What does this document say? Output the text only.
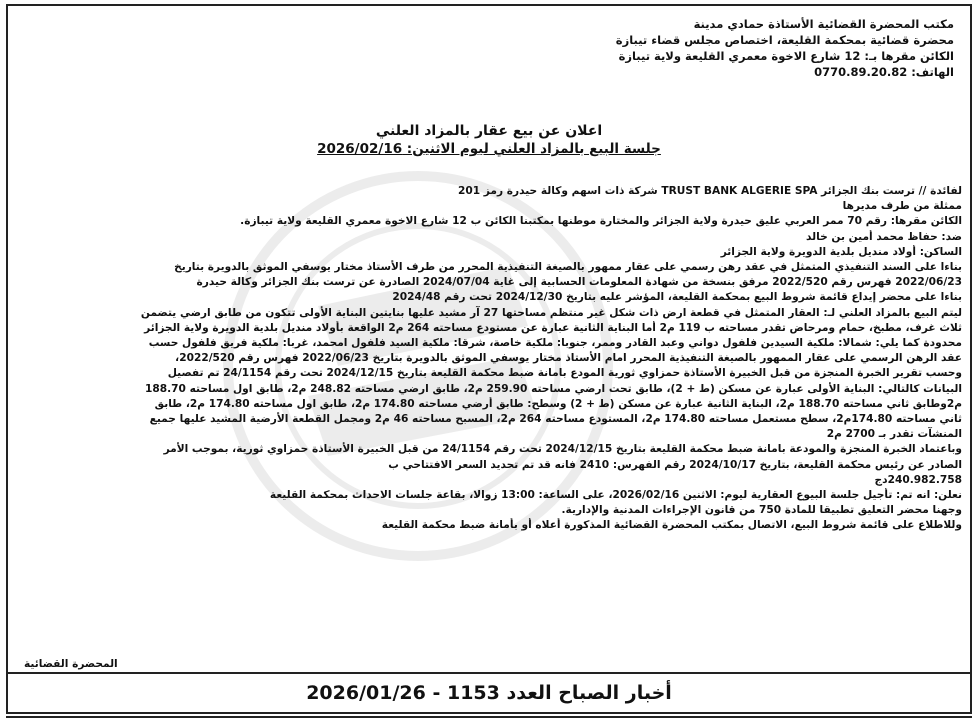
مكتب المحضرة القضائية الأستاذة حمادي مدينة
محضرة قضائية بمحكمة القليعة، اختصاص مجلس قضاء تيبازة
الكائن مقرها بـ: 12 شارع الاخوة معمري القليعة ولاية تيبازة
الهاتف: 0770.89.20.82
اعلان عن بيع عقار بالمزاد العلني
جلسة البيع بالمزاد العلني ليوم الاثنين: 2026/02/16
لفائدة // ترست بنك الجزائر TRUST BANK ALGERIE SPA شركة ذات اسهم وكالة حيدرة رمز 201
ممثلة من طرف مديرها
الكائن مقرها: رقم 70 ممر العربي عليق حيدرة ولاية الجزائر والمختارة موطنها بمكتبنا الكائن ب 12 شارع الاخوة معمري القليعة ولاية تيبازة.
ضد: حفاظ محمد أمين بن خالد
الساكن: أولاد منديل بلدية الدويرة ولاية الجزائر
بناءا على السند التنفيذي المتمثل في عقد رهن رسمي على عقار ممهور بالصيغة التنفيذية المحرر من طرف الأستاذ مختار يوسفي الموثق بالدويرة بتاريخ
2022/06/23 فهرس رقم 2022/520 مرفق بنسخة من شهادة المعلومات الحسابية إلى غاية 2024/07/04 الصادرة عن ترست بنك الجزائر وكالة حيدرة
بناءا على محضر إيداع قائمة شروط البيع بمحكمة القليعة، المؤشر عليه بتاريخ 2024/12/30 تحت رقم 2024/48
ليتم البيع بالمزاد العلني لـ: العقار المتمثل في قطعة ارض ذات شكل غير منتظم مساحتها 27 آر مشيد عليها بنايتين البناية الأولى تتكون من طابق ارضي يتضمن
ثلاث غرف، مطبخ، حمام ومرحاض تقدر مساحته ب 119 م2 أما البناية الثانية عبارة عن مستودع مساحته 264 م2 الواقعة بأولاد منديل بلدية الدويرة ولاية الجزائر
محدودة كما يلي: شمالا: ملكية السيدين فلفول دواني وعبد القادر وممر، جنوبا: ملكية خاصة، شرقا: ملكية السيد فلفول امحمد، غربا: ملكية فريق فلفول حسب
عقد الرهن الرسمي على عقار الممهور بالصيغة التنفيذية المحرر امام الأستاذ مختار يوسفي الموثق بالدويرة بتاريخ 2022/06/23 فهرس رقم 2022/520،
وحسب تقرير الخبرة المنجزة من قبل الخبيرة الأستاذة حمزاوي ثورية المودع بامانة ضبط محكمة القليعة بتاريخ 2024/12/15 تحت رقم 24/1154 تم تفصيل
البيانات كالتالي: البناية الأولى عبارة عن مسكن (ط + 2)، طابق تحت ارضي مساحته 259.90 م2، طابق ارضي مساحته 248.82 م2، طابق اول مساحته 188.70
م2وطابق ثاني مساحته 188.70 م2، البناية الثانية عبارة عن مسكن (ط + 2) وسطح: طابق أرضي مساحته 174.80 م2، طابق اول مساحته 174.80 م2، طابق
ثاني مساحته 174.80م2، سطح مستعمل مساحته 174.80 م2، المستودع مساحته 264 م2، المسبح مساحته 46 م2 ومجمل القطعة الأرضية المشيد عليها جميع
المنشآت تقدر بـ 2700 م2
وباعتماد الخبرة المنجزة والمودعة بامانة ضبط محكمة القليعة بتاريخ 2024/12/15 تحت رقم 24/1154 من قبل الخبيرة الأستاذة حمزاوي ثورية، بموجب الأمر
الصادر عن رئيس محكمة القليعة، بتاريخ 2024/10/17 رقم الفهرس: 2410 فانه قد تم تحديد السعر الافتتاحي ب
240.982.758دج
نعلن: انه تم: تأجيل جلسة البيوع العقارية ليوم: الاثنين 2026/02/16، على الساعة: 13:00 زوالا، بقاعة جلسات الاحداث بمحكمة القليعة
وجهنا محضر التعليق تطبيقا للمادة 750 من قانون الإجراءات المدنية والإدارية.
وللاطلاع على قائمة شروط البيع، الاتصال بمكتب المحضرة القضائية المذكورة أعلاه أو بأمانة ضبط محكمة القليعة
المحضرة القضائية
أخبار الصباح العدد 1153 - 2026/01/26
